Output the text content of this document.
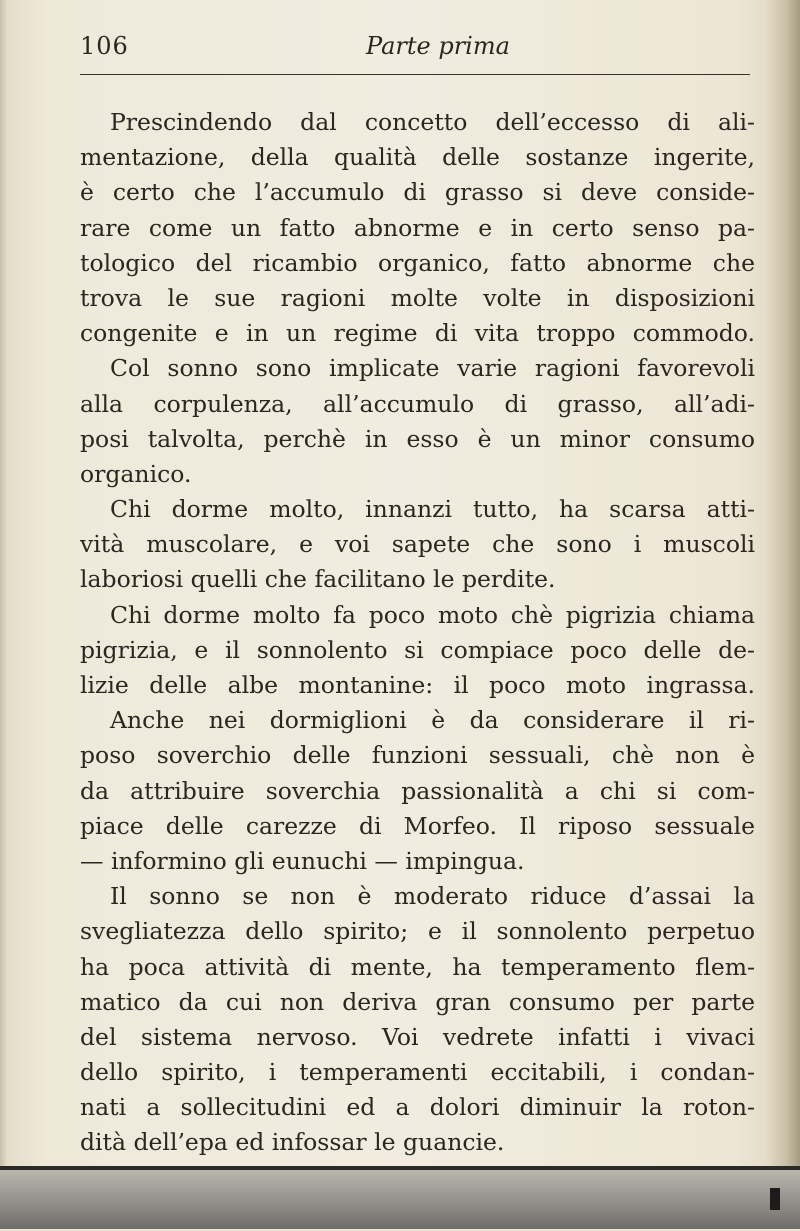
106	Parte prima
Prescindendo dal concetto dell’eccesso di ali-
mentazione, della qualità delle sostanze ingerite,
è certo che l’accumulo di grasso si deve conside-
rare come un fatto abnorme e in certo senso pa-
tologico del ricambio organico, fatto abnorme che
trova le sue ragioni molte volte in disposizioni
congenite e in un regime di vita troppo commodo.
Col sonno sono implicate varie ragioni favorevoli
alla corpulenza, all’accumulo di grasso, all’adi-
posi talvolta, perchè in esso è un minor consumo
organico.
Chi dorme molto, innanzi tutto, ha scarsa atti-
vità muscolare, e voi sapete che sono i muscoli
laboriosi quelli che facilitano le perdite.
Chi dorme molto fa poco moto chè pigrizia chiama
pigrizia, e il sonnolento si compiace poco delle de-
lizie delle albe montanine: il poco moto ingrassa.
Anche nei dormiglioni è da considerare il ri-
poso soverchio delle funzioni sessuali, chè non è
da attribuire soverchia passionalità a chi si com-
piace delle carezze di Morfeo. Il riposo sessuale
— informino gli eunuchi — impingua.
Il sonno se non è moderato riduce d’assai la
svegliatezza dello spirito; e il sonnolento perpetuo
ha poca attività di mente, ha temperamento flem-
matico da cui non deriva gran consumo per parte
del sistema nervoso. Voi vedrete infatti i vivaci
dello spirito, i temperamenti eccitabili, i condan-
nati a sollecitudini ed a dolori diminuir la roton-
dità dell’epa ed infossar le guancie.
